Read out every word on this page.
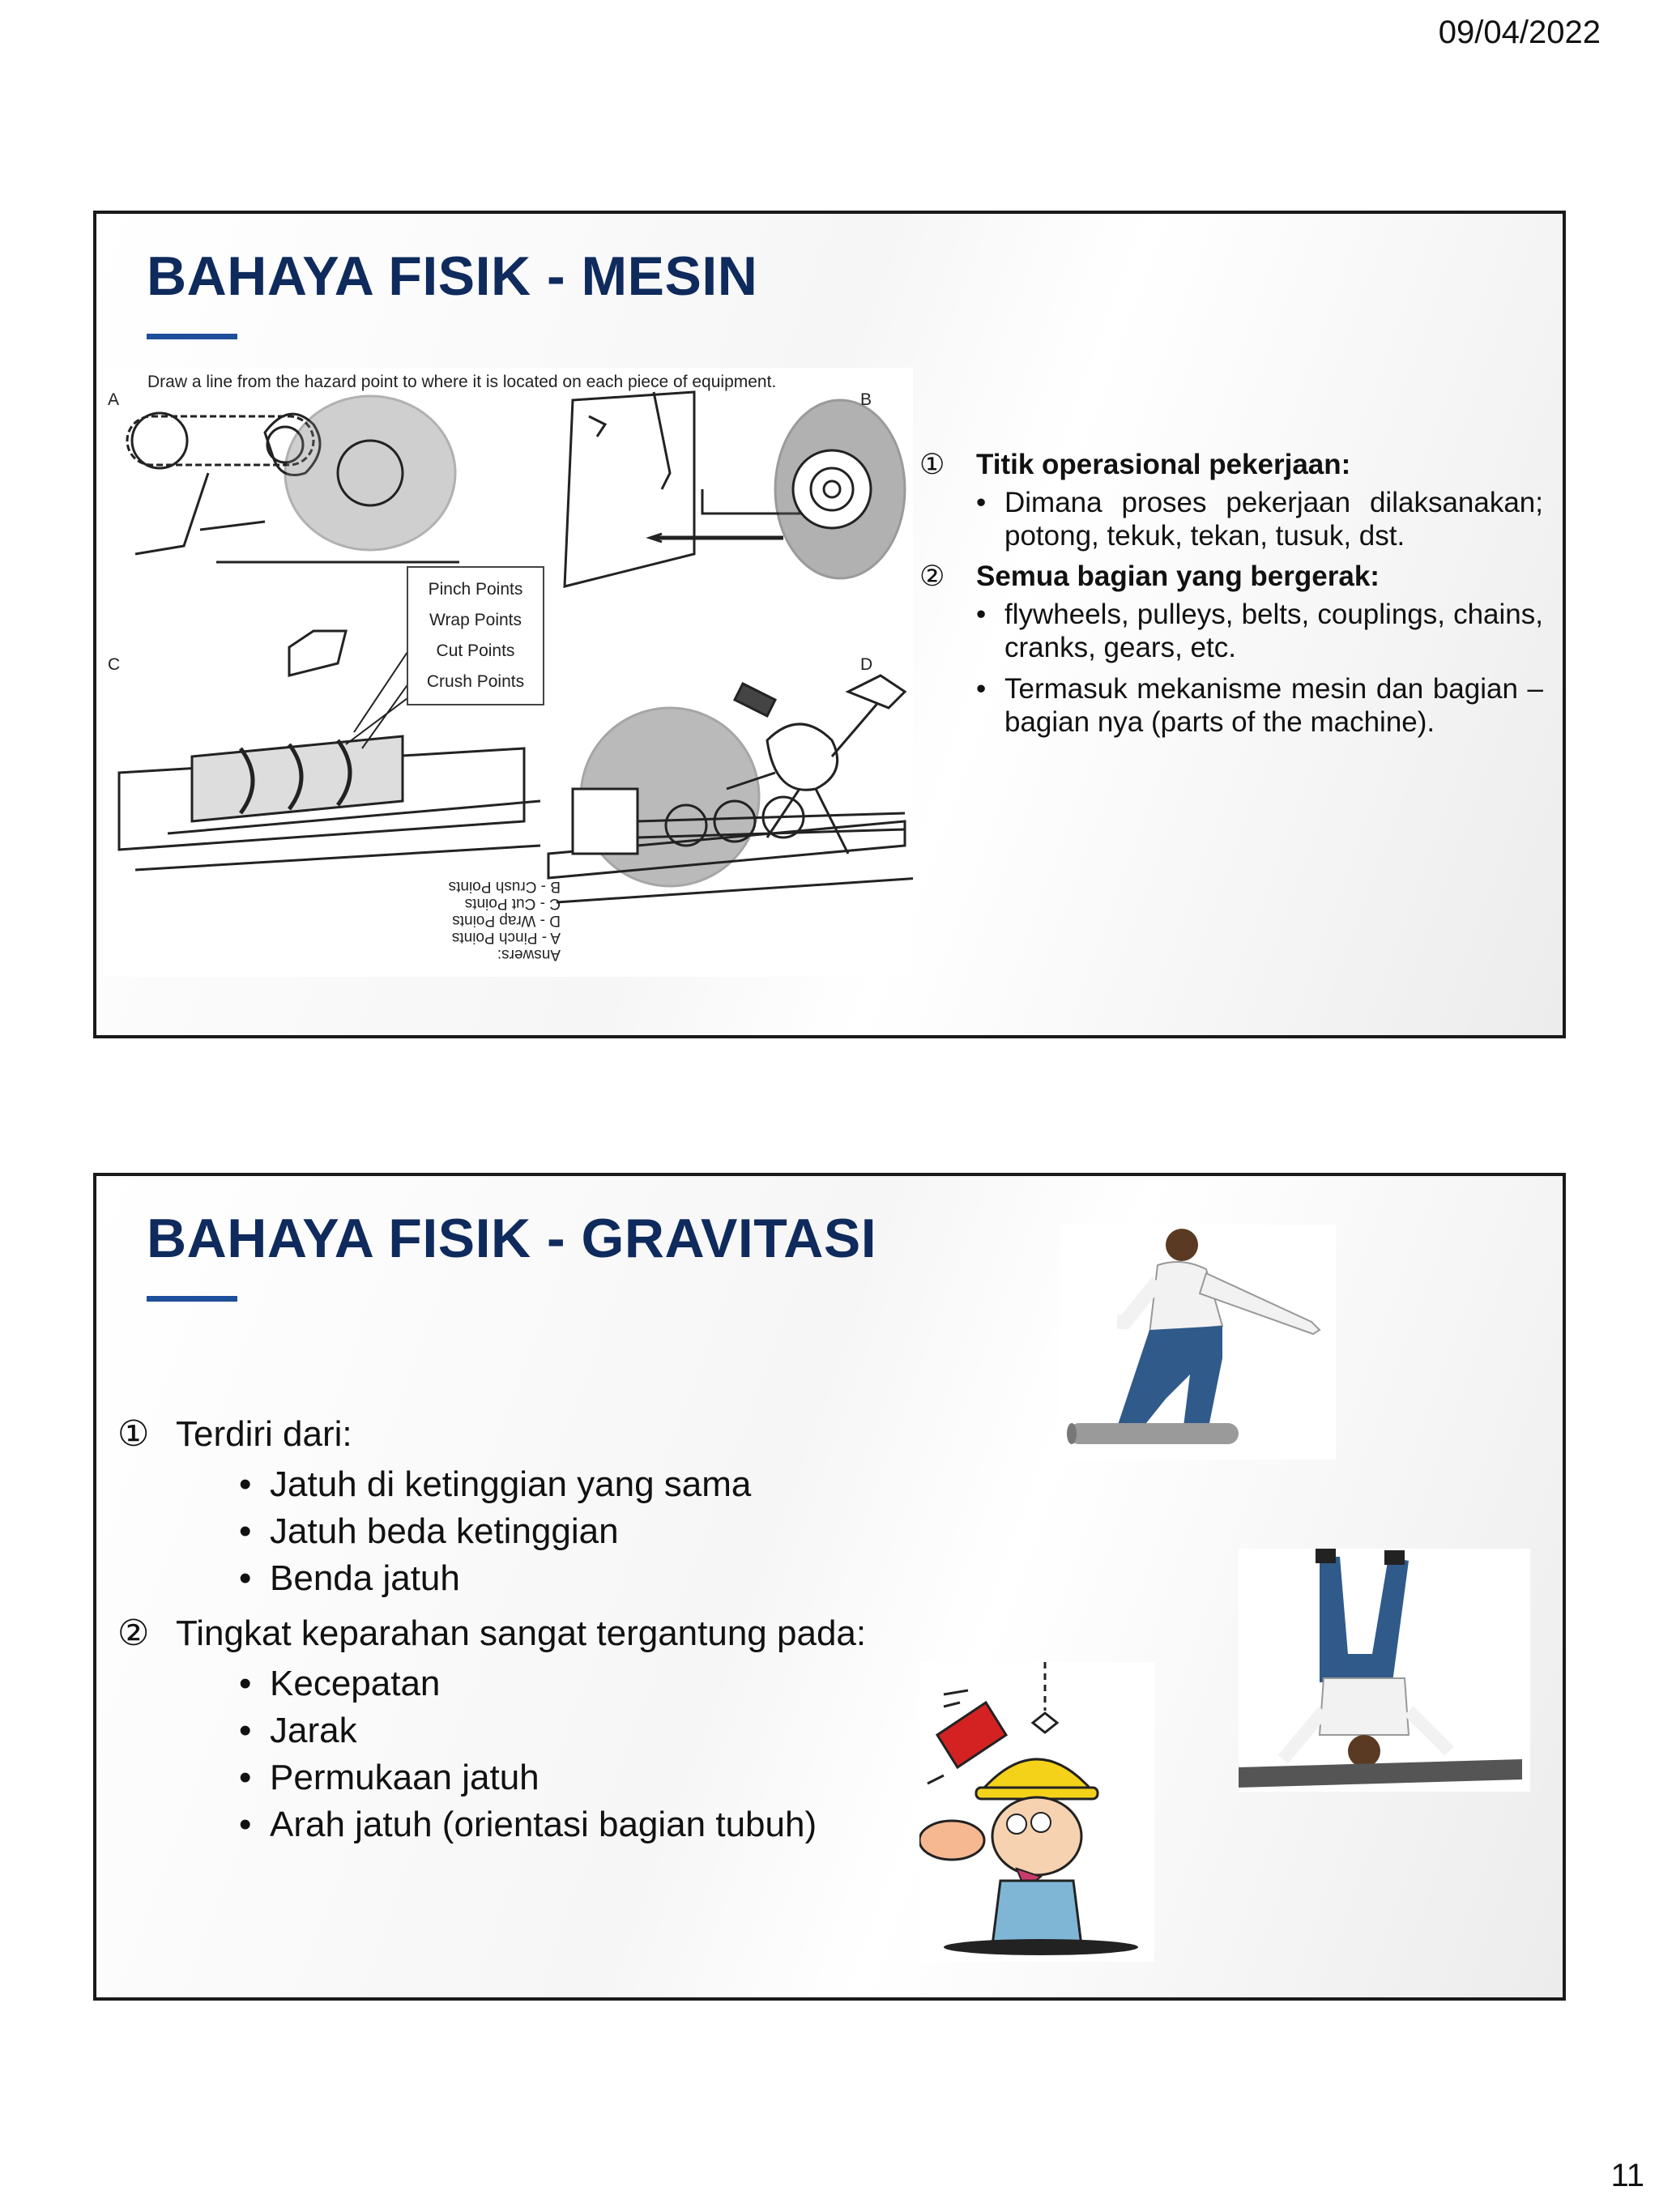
09/04/2022
BAHAYA FISIK - MESIN
Draw a line from the hazard point to where it is located on each piece of equipment.
A	B
C	D
Pinch Points
Wrap Points
Cut Points
Crush Points
Answers:
A - Pinch Points
D - Wrap Points
C - Cut Points
B - Crush Points
① Titik operasional pekerjaan:
• Dimana proses pekerjaan dilaksanakan; potong, tekuk, tekan, tusuk, dst.
② Semua bagian yang bergerak:
• flywheels, pulleys, belts, couplings, chains, cranks, gears, etc.
• Termasuk mekanisme mesin dan bagian – bagian nya (parts of the machine).
BAHAYA FISIK - GRAVITASI
① Terdiri dari:
• Jatuh di ketinggian yang sama
• Jatuh beda ketinggian
• Benda jatuh
② Tingkat keparahan sangat tergantung pada:
• Kecepatan
• Jarak
• Permukaan jatuh
• Arah jatuh (orientasi bagian tubuh)
11
